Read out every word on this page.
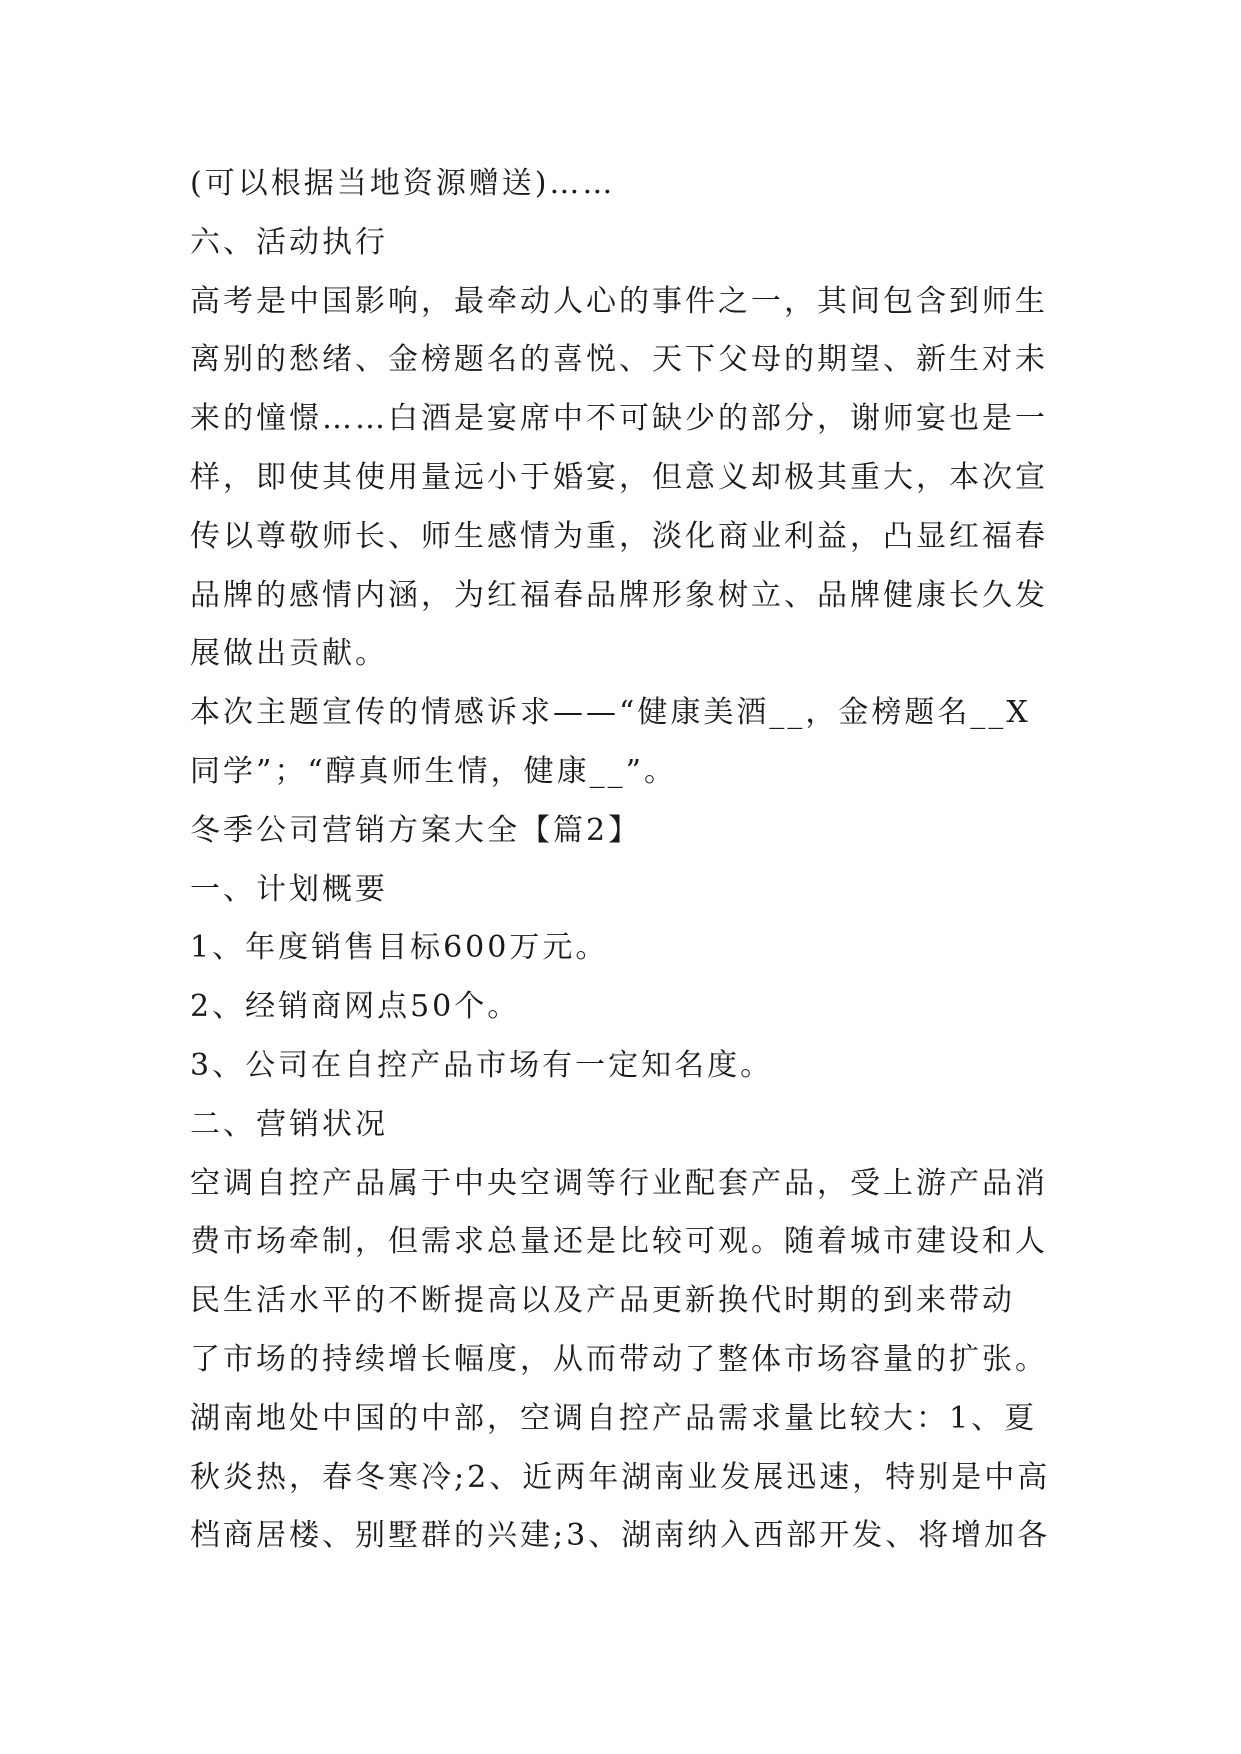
(可以根据当地资源赠送)……
六、活动执行
高考是中国影响，最牵动人心的事件之一，其间包含到师生
离别的愁绪、金榜题名的喜悦、天下父母的期望、新生对未
来的憧憬……白酒是宴席中不可缺少的部分，谢师宴也是一
样，即使其使用量远小于婚宴，但意义却极其重大，本次宣
传以尊敬师长、师生感情为重，淡化商业利益，凸显红福春
品牌的感情内涵，为红福春品牌形象树立、品牌健康长久发
展做出贡献。
本次主题宣传的情感诉求——“健康美酒__，金榜题名__X
同学”；“醇真师生情，健康__”。
冬季公司营销方案大全【篇2】
一、计划概要
1、年度销售目标600万元。
2、经销商网点50个。
3、公司在自控产品市场有一定知名度。
二、营销状况
空调自控产品属于中央空调等行业配套产品，受上游产品消
费市场牵制，但需求总量还是比较可观。随着城市建设和人
民生活水平的不断提高以及产品更新换代时期的到来带动
了市场的持续增长幅度，从而带动了整体市场容量的扩张。
湖南地处中国的中部，空调自控产品需求量比较大：1、夏
秋炎热，春冬寒冷;2、近两年湖南业发展迅速，特别是中高
档商居楼、别墅群的兴建;3、湖南纳入西部开发、将增加各
